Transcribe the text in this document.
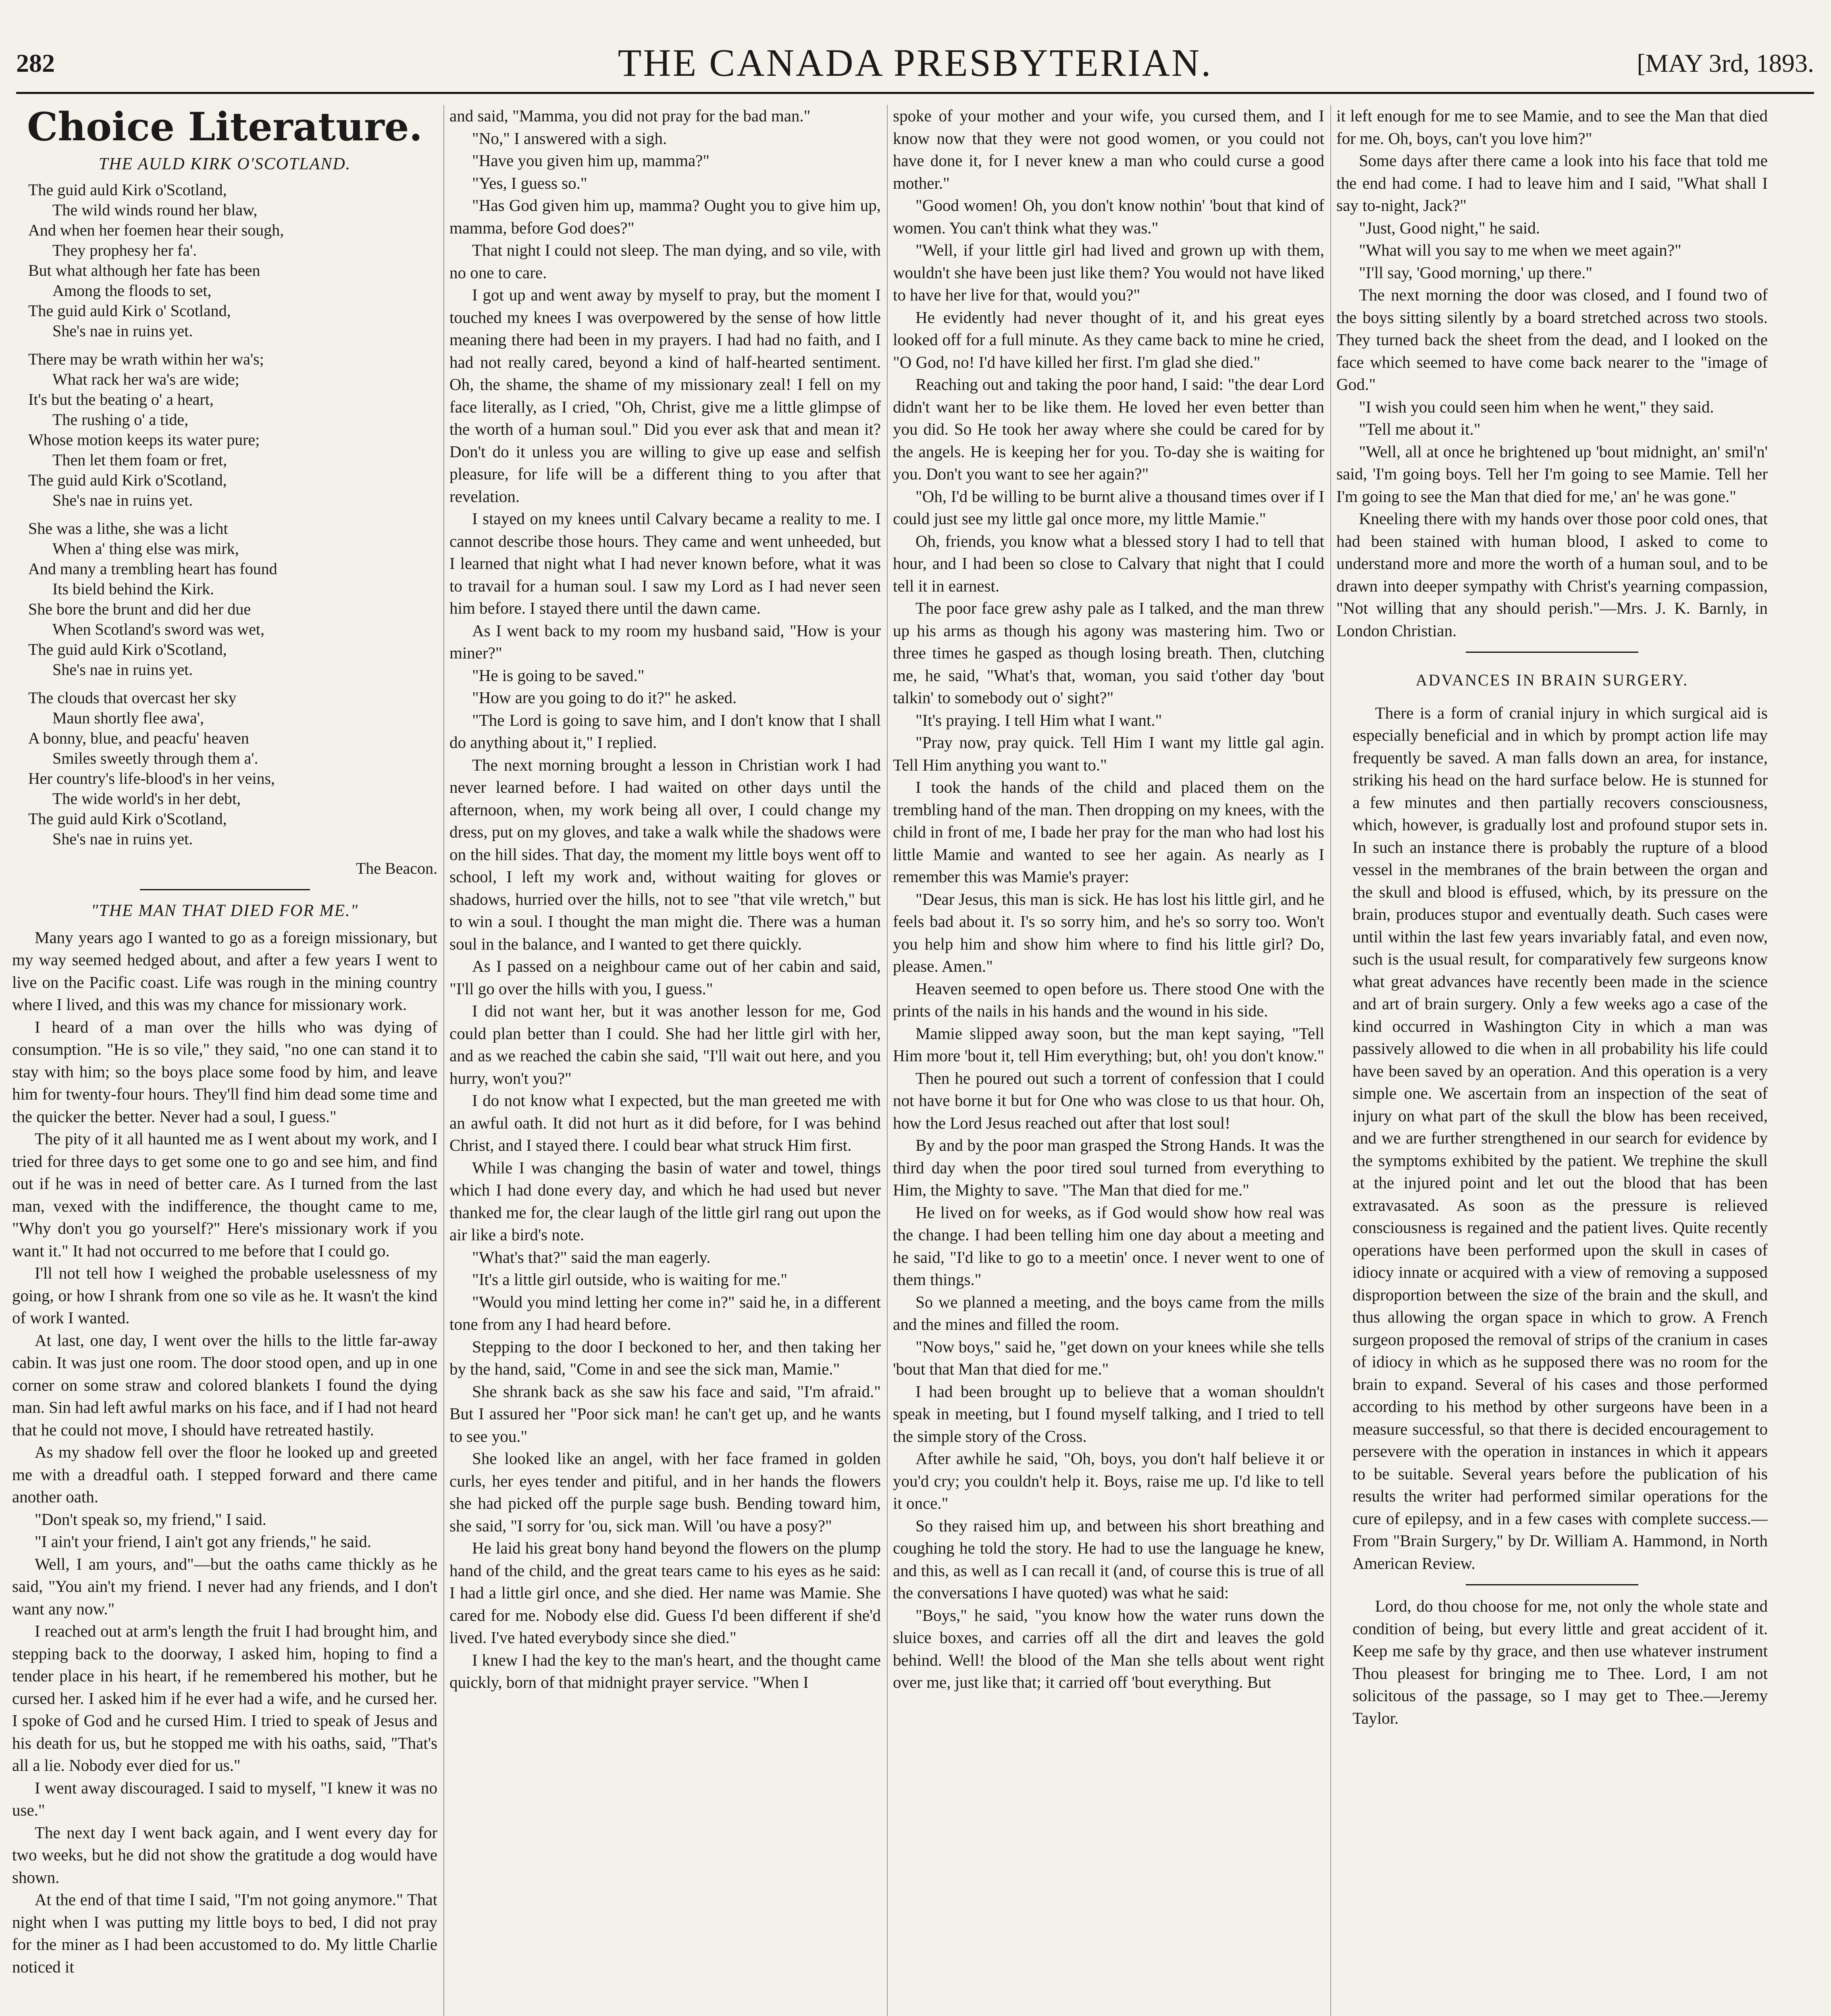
282	THE CANADA PRESBYTERIAN.	[MAY 3rd, 1893.
Choice Literature.
THE AULD KIRK O'SCOTLAND.
The guid auld Kirk o'Scotland,
The wild winds round her blaw,
And when her foemen hear their sough,
They prophesy her fa'.
But what although her fate has been
Among the floods to set,
The guid auld Kirk o' Scotland,
She's nae in ruins yet.
There may be wrath within her wa's;
What rack her wa's are wide;
It's but the beating o' a heart,
The rushing o' a tide,
Whose motion keeps its water pure;
Then let them foam or fret,
The guid auld Kirk o'Scotland,
She's nae in ruins yet.
She was a lithe, she was a licht
When a' thing else was mirk,
And many a trembling heart has found
Its bield behind the Kirk.
She bore the brunt and did her due
When Scotland's sword was wet,
The guid auld Kirk o'Scotland,
She's nae in ruins yet.
The clouds that overcast her sky
Maun shortly flee awa',
A bonny, blue, and peacfu' heaven
Smiles sweetly through them a'.
Her country's life-blood's in her veins,
The wide world's in her debt,
The guid auld Kirk o'Scotland,
She's nae in ruins yet.
The Beacon.
"THE MAN THAT DIED FOR ME."

Many years ago I wanted to go as a foreign missionary, but my way seemed hedged about, and after a few years I went to live on the Pacific coast. Life was rough in the mining country where I lived, and this was my chance for missionary work.

I heard of a man over the hills who was dying of consumption. "He is so vile," they said, "no one can stand it to stay with him; so the boys place some food by him, and leave him for twenty-four hours. They'll find him dead some time and the quicker the better. Never had a soul, I guess."

The pity of it all haunted me as I went about my work, and I tried for three days to get some one to go and see him, and find out if he was in need of better care. As I turned from the last man, vexed with the indifference, the thought came to me, "Why don't you go yourself?" Here's missionary work if you want it." It had not occurred to me before that I could go.

I'll not tell how I weighed the probable uselessness of my going, or how I shrank from one so vile as he. It wasn't the kind of work I wanted.

At last, one day, I went over the hills to the little far-away cabin. It was just one room. The door stood open, and up in one corner on some straw and colored blankets I found the dying man. Sin had left awful marks on his face, and if I had not heard that he could not move, I should have retreated hastily.

As my shadow fell over the floor he looked up and greeted me with a dreadful oath. I stepped forward and there came another oath.

"Don't speak so, my friend," I said.

"I ain't your friend, I ain't got any friends," he said.

Well, I am yours, and"—but the oaths came thickly as he said, "You ain't my friend. I never had any friends, and I don't want any now."

I reached out at arm's length the fruit I had brought him, and stepping back to the doorway, I asked him, hoping to find a tender place in his heart, if he remembered his mother, but he cursed her. I asked him if he ever had a wife, and he cursed her. I spoke of God and he cursed Him. I tried to speak of Jesus and his death for us, but he stopped me with his oaths, said, "That's all a lie. Nobody ever died for us."

I went away discouraged. I said to myself, "I knew it was no use."

The next day I went back again, and I went every day for two weeks, but he did not show the gratitude a dog would have shown.

At the end of that time I said, "I'm not going anymore." That night when I was putting my little boys to bed, I did not pray for the miner as I had been accustomed to do. My little Charlie noticed it

and said, "Mamma, you did not pray for the bad man."

"No," I answered with a sigh.

"Have you given him up, mamma?"

"Yes, I guess so."

"Has God given him up, mamma? Ought you to give him up, mamma, before God does?"

That night I could not sleep. The man dying, and so vile, with no one to care.

I got up and went away by myself to pray, but the moment I touched my knees I was overpowered by the sense of how little meaning there had been in my prayers. I had had no faith, and I had not really cared, beyond a kind of half-hearted sentiment. Oh, the shame, the shame of my missionary zeal! I fell on my face literally, as I cried, "Oh, Christ, give me a little glimpse of the worth of a human soul." Did you ever ask that and mean it? Don't do it unless you are willing to give up ease and selfish pleasure, for life will be a different thing to you after that revelation.

I stayed on my knees until Calvary became a reality to me. I cannot describe those hours. They came and went unheeded, but I learned that night what I had never known before, what it was to travail for a human soul. I saw my Lord as I had never seen him before. I stayed there until the dawn came.

As I went back to my room my husband said, "How is your miner?"

"He is going to be saved."

"How are you going to do it?" he asked.

"The Lord is going to save him, and I don't know that I shall do anything about it," I replied.

The next morning brought a lesson in Christian work I had never learned before. I had waited on other days until the afternoon, when, my work being all over, I could change my dress, put on my gloves, and take a walk while the shadows were on the hill sides. That day, the moment my little boys went off to school, I left my work and, without waiting for gloves or shadows, hurried over the hills, not to see "that vile wretch," but to win a soul. I thought the man might die. There was a human soul in the balance, and I wanted to get there quickly.

As I passed on a neighbour came out of her cabin and said, "I'll go over the hills with you, I guess."

I did not want her, but it was another lesson for me, God could plan better than I could. She had her little girl with her, and as we reached the cabin she said, "I'll wait out here, and you hurry, won't you?"

I do not know what I expected, but the man greeted me with an awful oath. It did not hurt as it did before, for I was behind Christ, and I stayed there. I could bear what struck Him first.

While I was changing the basin of water and towel, things which I had done every day, and which he had used but never thanked me for, the clear laugh of the little girl rang out upon the air like a bird's note.

"What's that?" said the man eagerly.

"It's a little girl outside, who is waiting for me."

"Would you mind letting her come in?" said he, in a different tone from any I had heard before.

Stepping to the door I beckoned to her, and then taking her by the hand, said, "Come in and see the sick man, Mamie."

She shrank back as she saw his face and said, "I'm afraid." But I assured her "Poor sick man! he can't get up, and he wants to see you."

She looked like an angel, with her face framed in golden curls, her eyes tender and pitiful, and in her hands the flowers she had picked off the purple sage bush. Bending toward him, she said, "I sorry for 'ou, sick man. Will 'ou have a posy?"

He laid his great bony hand beyond the flowers on the plump hand of the child, and the great tears came to his eyes as he said: I had a little girl once, and she died. Her name was Mamie. She cared for me. Nobody else did. Guess I'd been different if she'd lived. I've hated everybody since she died."

I knew I had the key to the man's heart, and the thought came quickly, born of that midnight prayer service. "When I

spoke of your mother and your wife, you cursed them, and I know now that they were not good women, or you could not have done it, for I never knew a man who could curse a good mother."

"Good women! Oh, you don't know nothin' 'bout that kind of women. You can't think what they was."

"Well, if your little girl had lived and grown up with them, wouldn't she have been just like them? You would not have liked to have her live for that, would you?"

He evidently had never thought of it, and his great eyes looked off for a full minute. As they came back to mine he cried, "O God, no! I'd have killed her first. I'm glad she died."

Reaching out and taking the poor hand, I said: "the dear Lord didn't want her to be like them. He loved her even better than you did. So He took her away where she could be cared for by the angels. He is keeping her for you. To-day she is waiting for you. Don't you want to see her again?"

"Oh, I'd be willing to be burnt alive a thousand times over if I could just see my little gal once more, my little Mamie."

Oh, friends, you know what a blessed story I had to tell that hour, and I had been so close to Calvary that night that I could tell it in earnest.

The poor face grew ashy pale as I talked, and the man threw up his arms as though his agony was mastering him. Two or three times he gasped as though losing breath. Then, clutching me, he said, "What's that, woman, you said t'other day 'bout talkin' to somebody out o' sight?"

"It's praying. I tell Him what I want."

"Pray now, pray quick. Tell Him I want my little gal agin. Tell Him anything you want to."

I took the hands of the child and placed them on the trembling hand of the man. Then dropping on my knees, with the child in front of me, I bade her pray for the man who had lost his little Mamie and wanted to see her again. As nearly as I remember this was Mamie's prayer:

"Dear Jesus, this man is sick. He has lost his little girl, and he feels bad about it. I's so sorry him, and he's so sorry too. Won't you help him and show him where to find his little girl? Do, please. Amen."

Heaven seemed to open before us. There stood One with the prints of the nails in his hands and the wound in his side.

Mamie slipped away soon, but the man kept saying, "Tell Him more 'bout it, tell Him everything; but, oh! you don't know."

Then he poured out such a torrent of confession that I could not have borne it but for One who was close to us that hour. Oh, how the Lord Jesus reached out after that lost soul!

By and by the poor man grasped the Strong Hands. It was the third day when the poor tired soul turned from everything to Him, the Mighty to save. "The Man that died for me."

He lived on for weeks, as if God would show how real was the change. I had been telling him one day about a meeting and he said, "I'd like to go to a meetin' once. I never went to one of them things."

So we planned a meeting, and the boys came from the mills and the mines and filled the room.

"Now boys," said he, "get down on your knees while she tells 'bout that Man that died for me."

I had been brought up to believe that a woman shouldn't speak in meeting, but I found myself talking, and I tried to tell the simple story of the Cross.

After awhile he said, "Oh, boys, you don't half believe it or you'd cry; you couldn't help it. Boys, raise me up. I'd like to tell it once."

So they raised him up, and between his short breathing and coughing he told the story. He had to use the language he knew, and this, as well as I can recall it (and, of course this is true of all the conversations I have quoted) was what he said:

"Boys," he said, "you know how the water runs down the sluice boxes, and carries off all the dirt and leaves the gold behind. Well! the blood of the Man she tells about went right over me, just like that; it carried off 'bout everything. But

it left enough for me to see Mamie, and to see the Man that died for me. Oh, boys, can't you love him?"

Some days after there came a look into his face that told me the end had come. I had to leave him and I said, "What shall I say to-night, Jack?"

"Just, Good night," he said.

"What will you say to me when we meet again?"

"I'll say, 'Good morning,' up there."

The next morning the door was closed, and I found two of the boys sitting silently by a board stretched across two stools. They turned back the sheet from the dead, and I looked on the face which seemed to have come back nearer to the "image of God."

"I wish you could seen him when he went," they said.

"Tell me about it."

"Well, all at once he brightened up 'bout midnight, an' smil'n' said, 'I'm going boys. Tell her I'm going to see Mamie. Tell her I'm going to see the Man that died for me,' an' he was gone."

Kneeling there with my hands over those poor cold ones, that had been stained with human blood, I asked to come to understand more and more the worth of a human soul, and to be drawn into deeper sympathy with Christ's yearning compassion, "Not willing that any should perish."—Mrs. J. K. Barnly, in London Christian.

ADVANCES IN BRAIN SURGERY.

There is a form of cranial injury in which surgical aid is especially beneficial and in which by prompt action life may frequently be saved. A man falls down an area, for instance, striking his head on the hard surface below. He is stunned for a few minutes and then partially recovers consciousness, which, however, is gradually lost and profound stupor sets in. In such an instance there is probably the rupture of a blood vessel in the membranes of the brain between the organ and the skull and blood is effused, which, by its pressure on the brain, produces stupor and eventually death. Such cases were until within the last few years invariably fatal, and even now, such is the usual result, for comparatively few surgeons know what great advances have recently been made in the science and art of brain surgery. Only a few weeks ago a case of the kind occurred in Washington City in which a man was passively allowed to die when in all probability his life could have been saved by an operation. And this operation is a very simple one. We ascertain from an inspection of the seat of injury on what part of the skull the blow has been received, and we are further strengthened in our search for evidence by the symptoms exhibited by the patient. We trephine the skull at the injured point and let out the blood that has been extravasated. As soon as the pressure is relieved consciousness is regained and the patient lives. Quite recently operations have been performed upon the skull in cases of idiocy innate or acquired with a view of removing a supposed disproportion between the size of the brain and the skull, and thus allowing the organ space in which to grow. A French surgeon proposed the removal of strips of the cranium in cases of idiocy in which as he supposed there was no room for the brain to expand. Several of his cases and those performed according to his method by other surgeons have been in a measure successful, so that there is decided encouragement to persevere with the operation in instances in which it appears to be suitable. Several years before the publication of his results the writer had performed similar operations for the cure of epilepsy, and in a few cases with complete success.—From "Brain Surgery," by Dr. William A. Hammond, in North American Review.

Lord, do thou choose for me, not only the whole state and condition of being, but every little and great accident of it. Keep me safe by thy grace, and then use whatever instrument Thou pleasest for bringing me to Thee. Lord, I am not solicitous of the passage, so I may get to Thee.—Jeremy Taylor.
